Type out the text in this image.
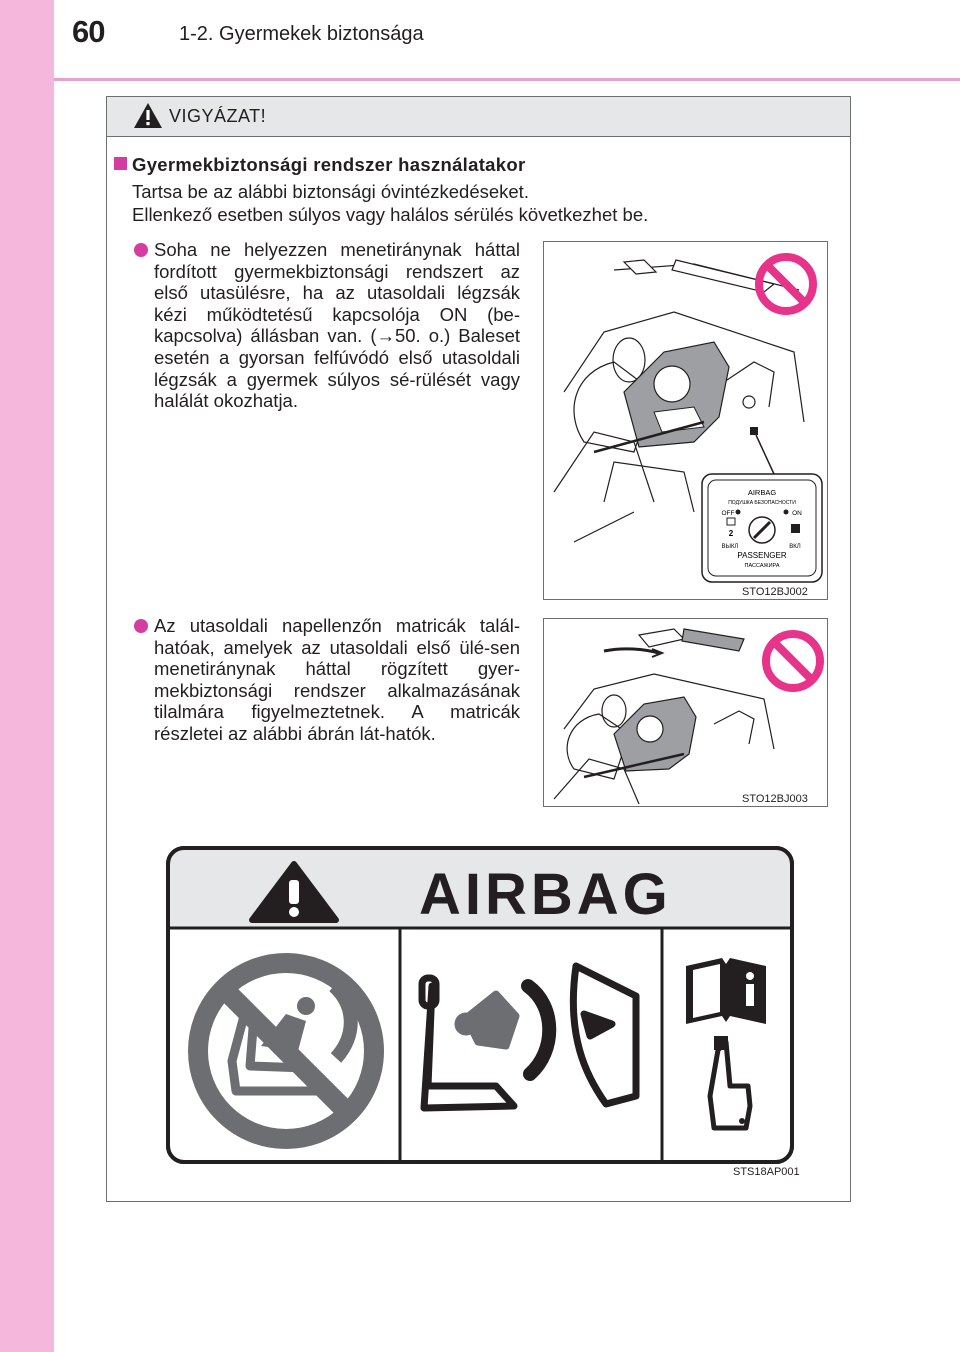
60	1-2. Gyermekek biztonsága
VIGYÁZAT!
Gyermekbiztonsági rendszer használatakor
Tartsa be az alábbi biztonsági óvintézkedéseket.
Ellenkező esetben súlyos vagy halálos sérülés következhet be.

Soha ne helyezzen menetiránynak háttal fordított gyermekbiztonsági rendszert az első utasülésre, ha az utasoldali légzsák kézi működtetésű kapcsolója ON (be-kapcsolva) állásban van. (→50. o.) Baleset esetén a gyorsan felfúvódó első utasoldali légzsák a gyermek súlyos sé-rülését vagy halálát okozhatja.

AIRBAG
ПОДУШКА БЕЗОПАСНОСТИ
OFF	ON
2
ВЫКЛ	ВКЛ
PASSENGER
ПАССАЖИРА
STO12BJ002

Az utasoldali napellenzőn matricák talál-hatóak, amelyek az utasoldali első ülé-sen menetiránynak háttal rögzített gyer-mekbiztonsági rendszer alkalmazásának tilalmára figyelmeztetnek. A matricák részletei az alábbi ábrán lát-hatók.

STO12BJ003
AIRBAG
STS18AP001
